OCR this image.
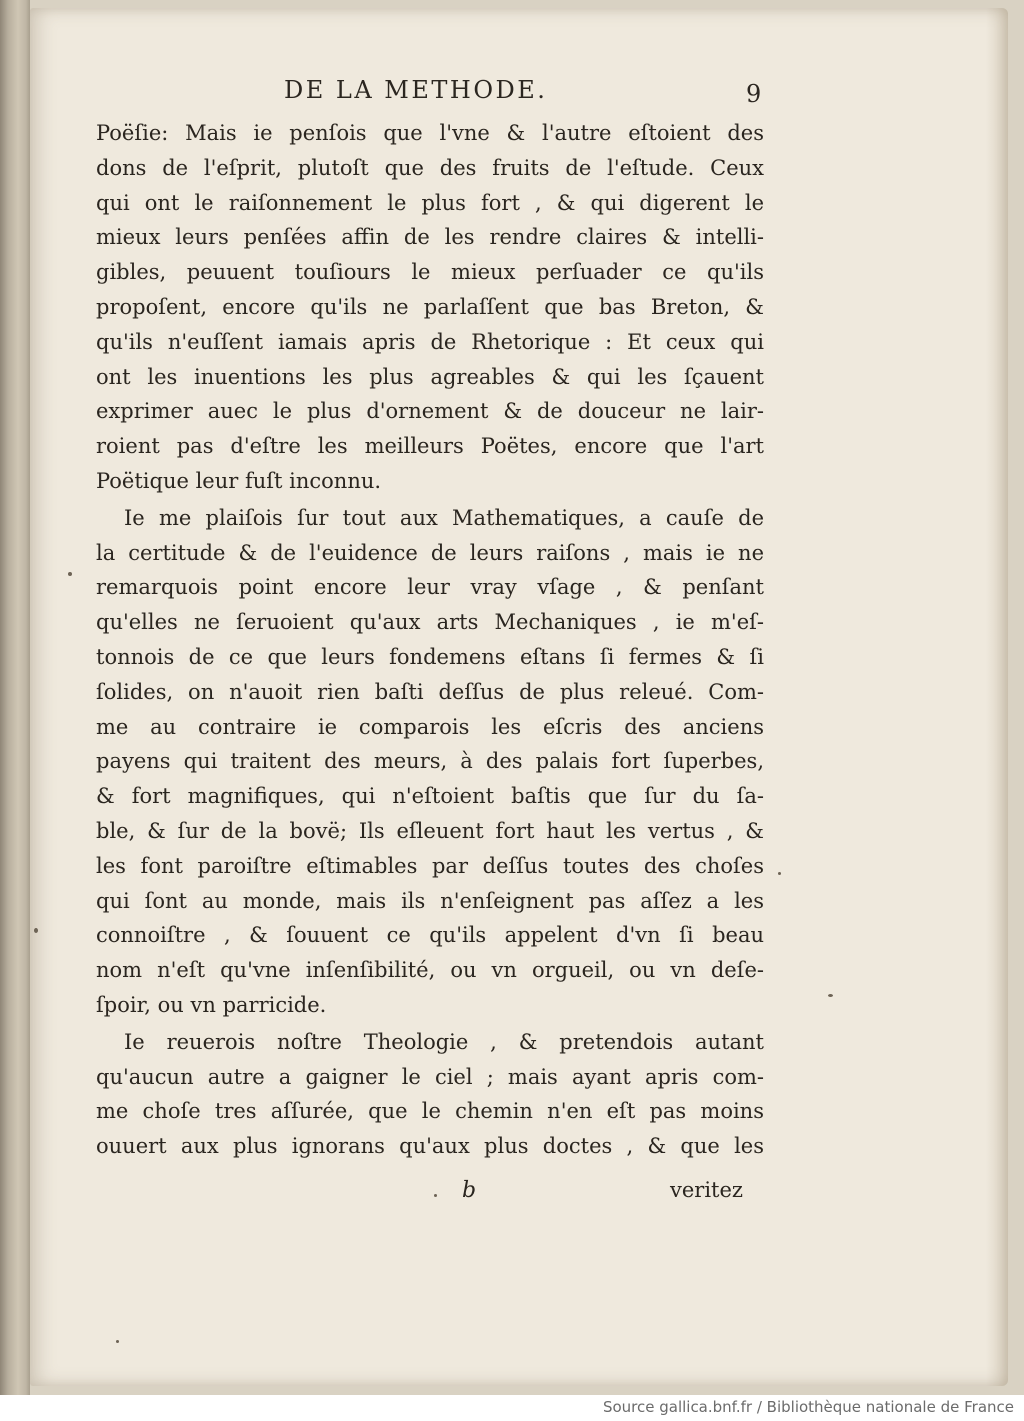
DE LA METHODE.	9
Poëſie: Mais ie penſois que l'vne & l'autre eſtoient des
dons de l'eſprit, plutoſt que des fruits de l'eſtude. Ceux
qui ont le raiſonnement le plus fort , & qui digerent le
mieux leurs penſées affin de les rendre claires & intelli-
gibles, peuuent touſiours le mieux perſuader ce qu'ils
propoſent, encore qu'ils ne parlaſſent que bas Breton, &
qu'ils n'euſſent iamais apris de Rhetorique : Et ceux qui
ont les inuentions les plus agreables & qui les ſçauent
exprimer auec le plus d'ornement & de douceur ne lair-
roient pas d'eſtre les meilleurs Poëtes, encore que l'art
Poëtique leur fuſt inconnu.
Ie me plaiſois ſur tout aux Mathematiques, a cauſe de
la certitude & de l'euidence de leurs raiſons , mais ie ne
remarquois point encore leur vray vſage , & penſant
qu'elles ne ſeruoient qu'aux arts Mechaniques , ie m'eſ-
tonnois de ce que leurs fondemens eſtans ſi fermes & ſi
ſolides, on n'auoit rien baſti deſſus de plus releué. Com-
me au contraire ie comparois les eſcris des anciens
payens qui traitent des meurs, à des palais fort ſuperbes,
& fort magnifiques, qui n'eſtoient baſtis que ſur du ſa-
ble, & ſur de la bovë; Ils eſleuent fort haut les vertus , &
les font paroiſtre eſtimables par deſſus toutes des choſes
qui ſont au monde, mais ils n'enſeignent pas aſſez a les
connoiſtre , & ſouuent ce qu'ils appelent d'vn ſi beau
nom n'eſt qu'vne inſenſibilité, ou vn orgueil, ou vn deſe-
ſpoir, ou vn parricide.
Ie reuerois noſtre Theologie , & pretendois autant
qu'aucun autre a gaigner le ciel ; mais ayant apris com-
me choſe tres aſſurée, que le chemin n'en eſt pas moins
ouuert aux plus ignorans qu'aux plus doctes , & que les
b	veritez
Source gallica.bnf.fr / Bibliothèque nationale de France
